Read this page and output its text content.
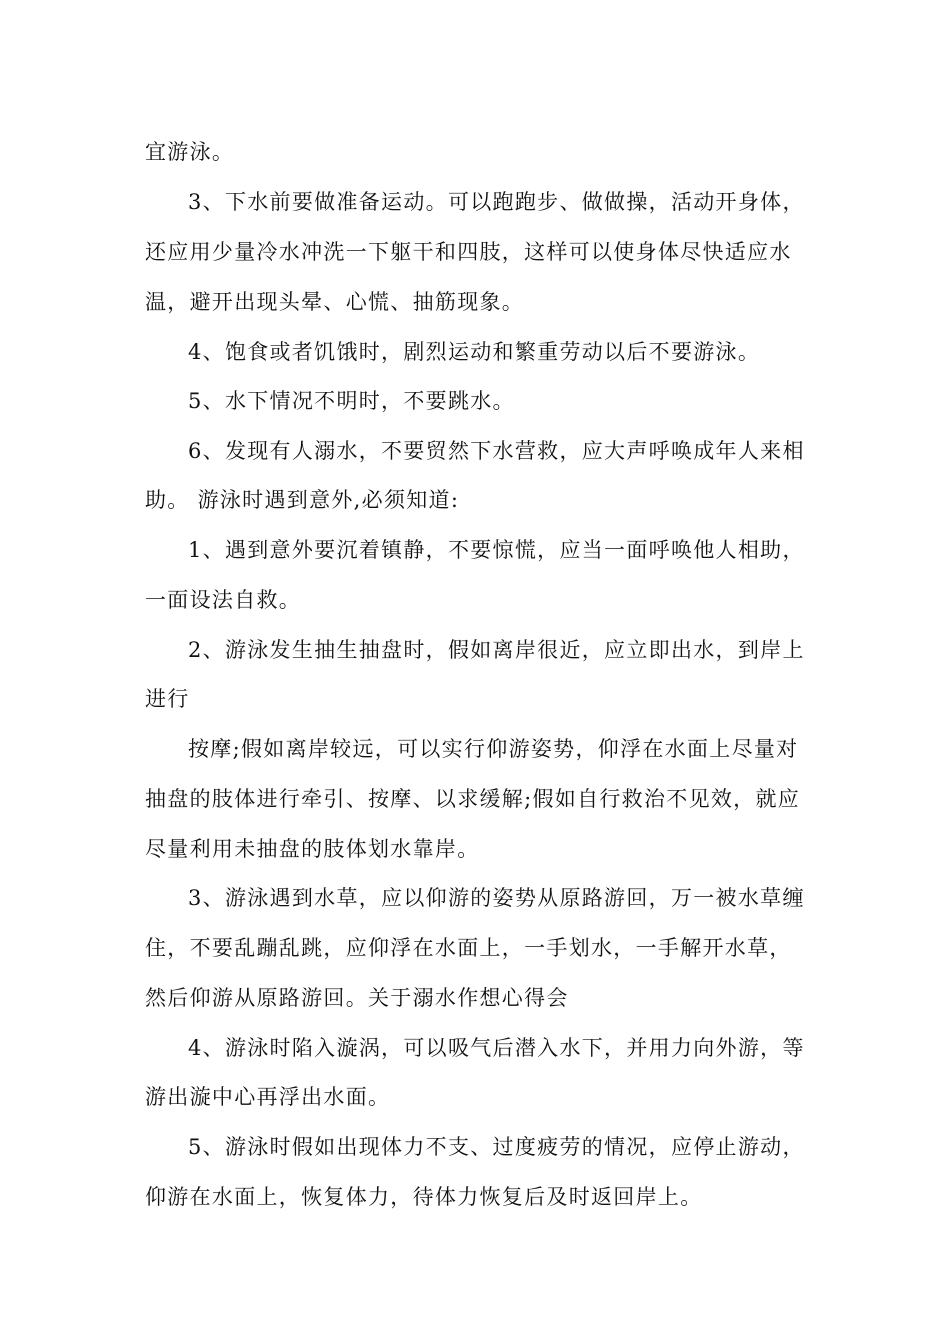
宜游泳。
3、下水前要做准备运动。可以跑跑步、做做操，活动开身体，
还应用少量冷水冲洗一下躯干和四肢，这样可以使身体尽快适应水
温，避开出现头晕、心慌、抽筋现象。
4、饱食或者饥饿时，剧烈运动和繁重劳动以后不要游泳。
5、水下情况不明时，不要跳水。
6、发现有人溺水，不要贸然下水营救，应大声呼唤成年人来相
助。 游泳时遇到意外,必须知道:
1、遇到意外要沉着镇静，不要惊慌，应当一面呼唤他人相助，
一面设法自救。
2、游泳发生抽生抽盘时，假如离岸很近，应立即出水，到岸上
进行
按摩;假如离岸较远，可以实行仰游姿势，仰浮在水面上尽量对
抽盘的肢体进行牵引、按摩、以求缓解;假如自行救治不见效，就应
尽量利用未抽盘的肢体划水靠岸。
3、游泳遇到水草，应以仰游的姿势从原路游回，万一被水草缠
住，不要乱蹦乱跳，应仰浮在水面上，一手划水，一手解开水草，
然后仰游从原路游回。关于溺水作想心得会
4、游泳时陷入漩涡，可以吸气后潜入水下，并用力向外游，等
游出漩中心再浮出水面。
5、游泳时假如出现体力不支、过度疲劳的情况，应停止游动，
仰游在水面上，恢复体力，待体力恢复后及时返回岸上。
